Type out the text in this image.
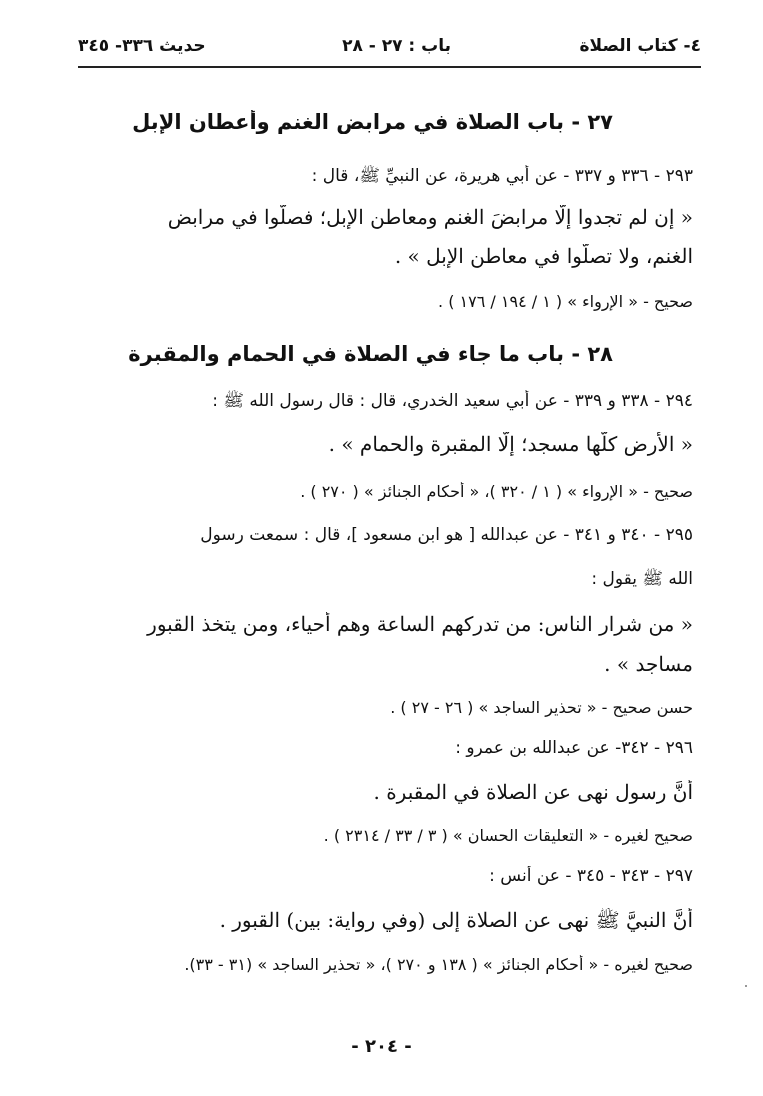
٤- كتاب الصلاة
باب : ٢٧ - ٢٨
حديث ٣٣٦- ٣٤٥
٢٧ - باب الصلاة في مرابض الغنم وأعطان الإبل
٢٩٣ - ٣٣٦ و ٣٣٧ - عن أبي هريرة، عن النبيِّ ﷺ، قال :
« إن لم تجدوا إلّا مرابضَ الغنم ومعاطن الإبل؛ فصلّوا في مرابض
الغنم، ولا تصلّوا في معاطن الإبل » .
صحيح - « الإرواء » ( ١ / ١٩٤ / ١٧٦ ) .
٢٨ - باب ما جاء في الصلاة في الحمام والمقبرة
٢٩٤ - ٣٣٨ و ٣٣٩ - عن أبي سعيد الخدري، قال : قال رسول الله ﷺ :
« الأرض كلّها مسجد؛ إلّا المقبرة والحمام » .
صحيح - « الإرواء » ( ١ / ٣٢٠ )، « أحكام الجنائز » ( ٢٧٠ ) .
٢٩٥ - ٣٤٠ و ٣٤١ - عن عبدالله [ هو ابن مسعود ]، قال : سمعت رسول
الله ﷺ يقول :
« من شرار الناسِ: من تدركهم الساعة وهم أحياء، ومن يتخذ القبور
مساجد » .
حسن صحيح - « تحذير الساجد » ( ٢٦ - ٢٧ ) .
٢٩٦ - ٣٤٢- عن عبدالله بن عمرو :
أنَّ رسول نهى عن الصلاة في المقبرة .
صحيح لغيره - « التعليقات الحسان » ( ٣ / ٣٣ / ٢٣١٤ ) .
٢٩٧ - ٣٤٣ - ٣٤٥ - عن أنس :
أنَّ النبيَّ ﷺ نهى عن الصلاة إلى (وفي رواية: بين) القبور .
صحيح لغيره - « أحكام الجنائز » ( ١٣٨ و ٢٧٠ )، « تحذير الساجد » (٣١ - ٣٣).
- ٢٠٤ -
